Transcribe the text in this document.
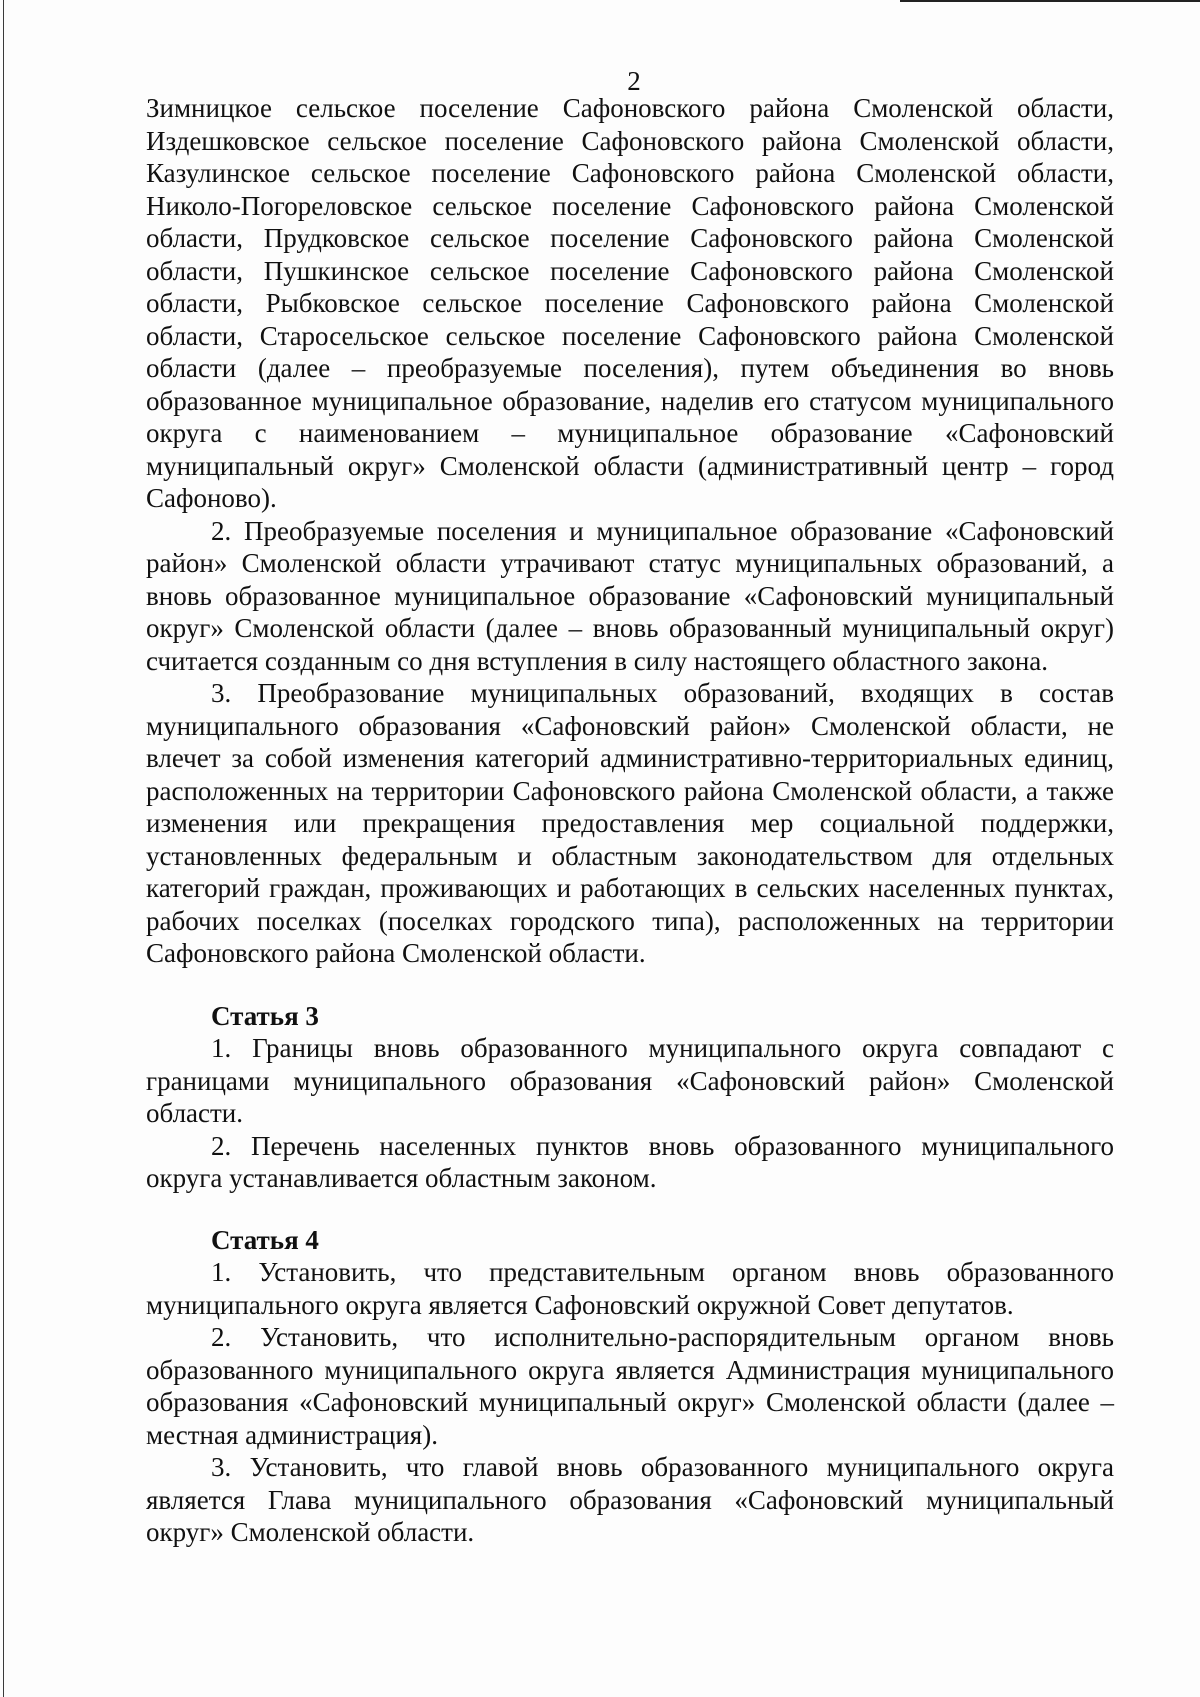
2

Зимницкое сельское поселение Сафоновского района Смоленской области, Издешковское сельское поселение Сафоновского района Смоленской области, Казулинское сельское поселение Сафоновского района Смоленской области, Николо-Погореловское сельское поселение Сафоновского района Смоленской области, Прудковское сельское поселение Сафоновского района Смоленской области, Пушкинское сельское поселение Сафоновского района Смоленской области, Рыбковское сельское поселение Сафоновского района Смоленской области, Старосельское сельское поселение Сафоновского района Смоленской области (далее – преобразуемые поселения), путем объединения во вновь образованное муниципальное образование, наделив его статусом муниципального округа с наименованием – муниципальное образование «Сафоновский муниципальный округ» Смоленской области (административный центр – город Сафоново).

2. Преобразуемые поселения и муниципальное образование «Сафоновский район» Смоленской области утрачивают статус муниципальных образований, а вновь образованное муниципальное образование «Сафоновский муниципальный округ» Смоленской области (далее – вновь образованный муниципальный округ) считается созданным со дня вступления в силу настоящего областного закона.

3. Преобразование муниципальных образований, входящих в состав муниципального образования «Сафоновский район» Смоленской области, не влечет за собой изменения категорий административно-территориальных единиц, расположенных на территории Сафоновского района Смоленской области, а также изменения или прекращения предоставления мер социальной поддержки, установленных федеральным и областным законодательством для отдельных категорий граждан, проживающих и работающих в сельских населенных пунктах, рабочих поселках (поселках городского типа), расположенных на территории Сафоновского района Смоленской области.

Статья 3

1. Границы вновь образованного муниципального округа совпадают с границами муниципального образования «Сафоновский район» Смоленской области.

2. Перечень населенных пунктов вновь образованного муниципального округа устанавливается областным законом.

Статья 4

1. Установить, что представительным органом вновь образованного муниципального округа является Сафоновский окружной Совет депутатов.

2. Установить, что исполнительно-распорядительным органом вновь образованного муниципального округа является Администрация муниципального образования «Сафоновский муниципальный округ» Смоленской области (далее – местная администрация).

3. Установить, что главой вновь образованного муниципального округа является Глава муниципального образования «Сафоновский муниципальный округ» Смоленской области.
